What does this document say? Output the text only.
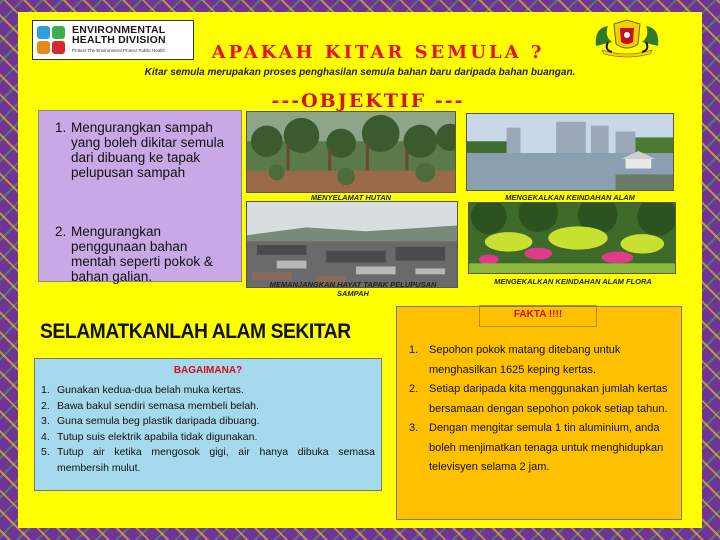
ENVIRONMENTAL
HEALTH DIVISION
Protect The Environment Protect Public Health	APAKAH KITAR SEMULA ?
Kitar semula merupakan proses penghasilan semula bahan baru daripada bahan buangan.
---OBJEKTIF ---
1. Mengurangkan sampah yang boleh dikitar semula dari dibuang ke tapak pelupusan sampah
2. Mengurangkan penggunaan bahan mentah seperti pokok & bahan galian.
MENYELAMAT HUTAN	MENGEKALKAN KEINDAHAN ALAM
MEMANJANGKAN HAYAT TAPAK PELUPUSAN SAMPAH
MENGEKALKAN KEINDAHAN ALAM FLORA
SELAMATKANLAH ALAM SEKITAR
BAGAIMANA?
1. Gunakan kedua-dua belah muka kertas.
2. Bawa bakul sendiri semasa membeli belah.
3. Guna semula beg plastik daripada dibuang.
4. Tutup suis elektrik apabila tidak digunakan.
5. Tutup air ketika mengosok gigi, air hanya dibuka semasa membersih mulut.
FAKTA !!!!
1. Sepohon pokok matang ditebang untuk menghasilkan 1625 keping kertas.
2. Setiap daripada kita menggunakan jumlah kertas bersamaan dengan sepohon pokok setiap tahun.
3. Dengan mengitar semula 1 tin aluminium, anda boleh menjimatkan tenaga untuk menghidupkan televisyen selama 2 jam.
